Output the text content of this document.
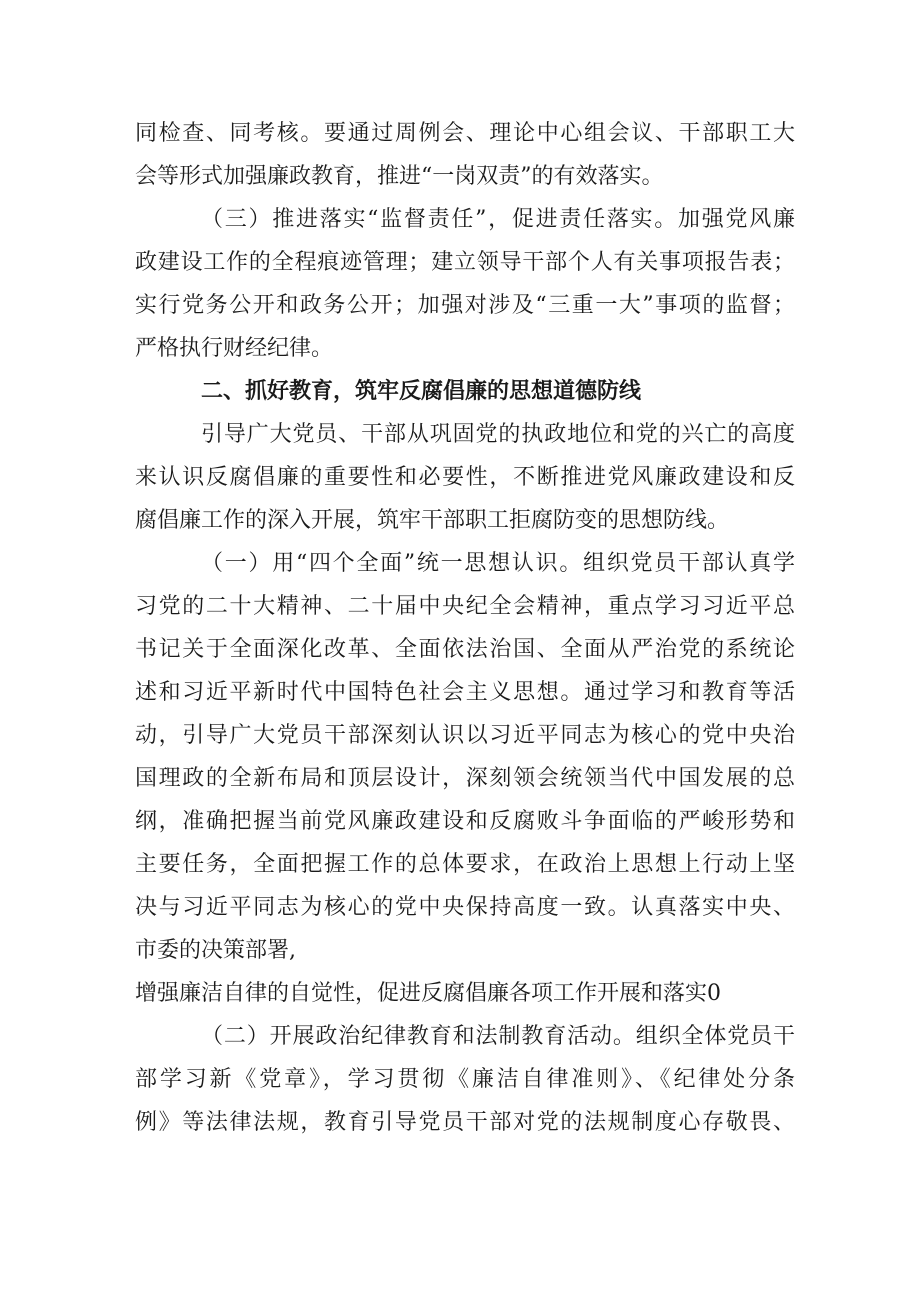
同检查、同考核。要通过周例会、理论中心组会议、干部职工大
会等形式加强廉政教育，推进“一岗双责”的有效落实。
（三）推进落实“监督责任”，促进责任落实。加强党风廉
政建设工作的全程痕迹管理；建立领导干部个人有关事项报告表；
实行党务公开和政务公开；加强对涉及“三重一大”事项的监督；
严格执行财经纪律。
二、抓好教育，筑牢反腐倡廉的思想道德防线
引导广大党员、干部从巩固党的执政地位和党的兴亡的高度
来认识反腐倡廉的重要性和必要性，不断推进党风廉政建设和反
腐倡廉工作的深入开展，筑牢干部职工拒腐防变的思想防线。
（一）用“四个全面”统一思想认识。组织党员干部认真学
习党的二十大精神、二十届中央纪全会精神，重点学习习近平总
书记关于全面深化改革、全面依法治国、全面从严治党的系统论
述和习近平新时代中国特色社会主义思想。通过学习和教育等活
动，引导广大党员干部深刻认识以习近平同志为核心的党中央治
国理政的全新布局和顶层设计，深刻领会统领当代中国发展的总
纲，准确把握当前党风廉政建设和反腐败斗争面临的严峻形势和
主要任务，全面把握工作的总体要求，在政治上思想上行动上坚
决与习近平同志为核心的党中央保持高度一致。认真落实中央、
市委的决策部署,
增强廉洁自律的自觉性，促进反腐倡廉各项工作开展和落实0
（二）开展政治纪律教育和法制教育活动。组织全体党员干
部学习新《党章》，学习贯彻《廉洁自律准则》、《纪律处分条
例》等法律法规，教育引导党员干部对党的法规制度心存敬畏、
